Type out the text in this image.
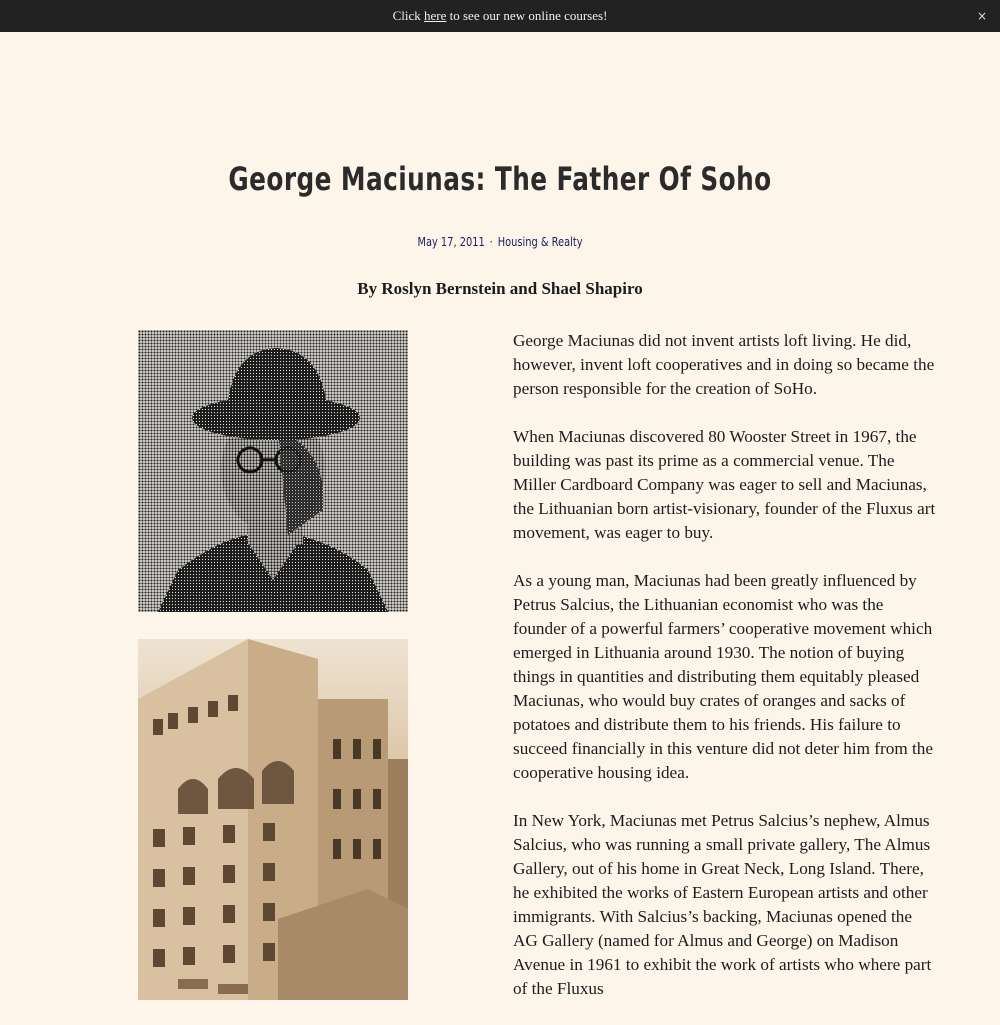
Click here to see our new online courses!	×
George Maciunas: The Father Of Soho
May 17, 2011 · Housing & Realty
By Roslyn Bernstein and Shael Shapiro

George Maciunas did not invent artists loft living. He did, however, invent loft cooperatives and in doing so became the person responsible for the creation of SoHo.

When Maciunas discovered 80 Wooster Street in 1967, the building was past its prime as a commercial venue. The Miller Cardboard Company was eager to sell and Maciunas, the Lithuanian born artist-visionary, founder of the Fluxus art movement, was eager to buy.

As a young man, Maciunas had been greatly influenced by Petrus Salcius, the Lithuanian economist who was the founder of a powerful farmers’ cooperative movement which emerged in Lithuania around 1930. The notion of buying things in quantities and distributing them equitably pleased Maciunas, who would buy crates of oranges and sacks of potatoes and distribute them to his friends. His failure to succeed financially in this venture did not deter him from the cooperative housing idea.

In New York, Maciunas met Petrus Salcius’s nephew, Almus Salcius, who was running a small private gallery, The Almus Gallery, out of his home in Great Neck, Long Island. There, he exhibited the works of Eastern European artists and other immigrants. With Salcius’s backing, Maciunas opened the AG Gallery (named for Almus and George) on Madison Avenue in 1961 to exhibit the work of artists who where part of the Fluxus
